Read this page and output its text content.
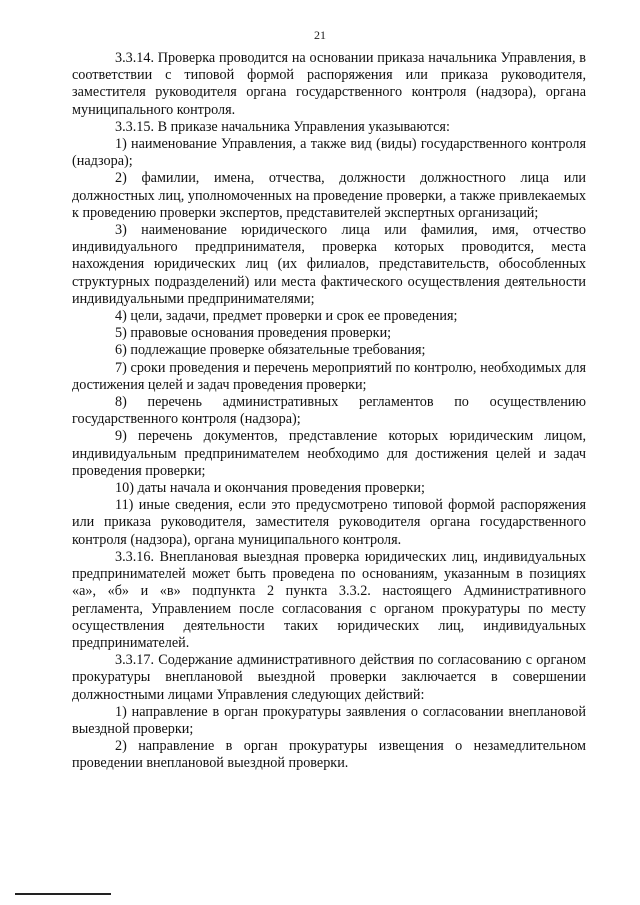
21

3.3.14. Проверка проводится на основании приказа начальника Управления, в соответствии с типовой формой распоряжения или приказа руководителя, заместителя руководителя органа государственного контроля (надзора), органа муниципального контроля.

3.3.15. В приказе начальника Управления указываются:

1) наименование Управления, а также вид (виды) государственного контроля (надзора);

2) фамилии, имена, отчества, должности должностного лица или должностных лиц, уполномоченных на проведение проверки, а также привлекаемых к проведению проверки экспертов, представителей экспертных организаций;

3) наименование юридического лица или фамилия, имя, отчество индивидуального предпринимателя, проверка которых проводится, места нахождения юридических лиц (их филиалов, представительств, обособленных структурных подразделений) или места фактического осуществления деятельности индивидуальными предпринимателями;

4) цели, задачи, предмет проверки и срок ее проведения;

5) правовые основания проведения проверки;

6) подлежащие проверке обязательные требования;

7) сроки проведения и перечень мероприятий по контролю, необходимых для достижения целей и задач проведения проверки;

8) перечень административных регламентов по осуществлению государственного контроля (надзора);

9) перечень документов, представление которых юридическим лицом, индивидуальным предпринимателем необходимо для достижения целей и задач проведения проверки;

10) даты начала и окончания проведения проверки;

11) иные сведения, если это предусмотрено типовой формой распоряжения или приказа руководителя, заместителя руководителя органа государственного контроля (надзора), органа муниципального контроля.

3.3.16. Внеплановая выездная проверка юридических лиц, индивидуальных предпринимателей может быть проведена по основаниям, указанным в позициях «а», «б» и «в» подпункта 2 пункта 3.3.2. настоящего Административного регламента, Управлением после согласования с органом прокуратуры по месту осуществления деятельности таких юридических лиц, индивидуальных предпринимателей.

3.3.17. Содержание административного действия по согласованию с органом прокуратуры внеплановой выездной проверки заключается в совершении должностными лицами Управления следующих действий:

1) направление в орган прокуратуры заявления о согласовании внеплановой выездной проверки;

2) направление в орган прокуратуры извещения о незамедлительном проведении внеплановой выездной проверки.
